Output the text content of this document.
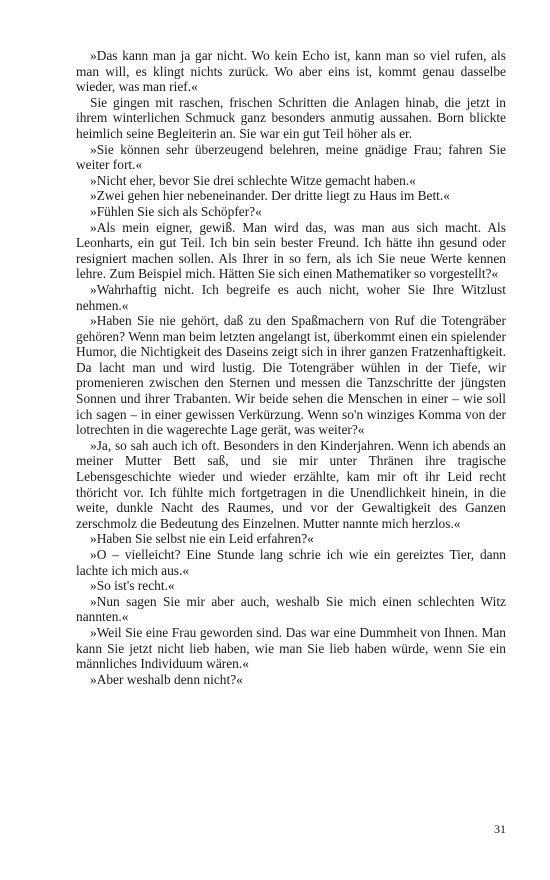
»Das kann man ja gar nicht. Wo kein Echo ist, kann man so viel rufen, als man will, es klingt nichts zurück. Wo aber eins ist, kommt genau dasselbe wieder, was man rief.«

Sie gingen mit raschen, frischen Schritten die Anlagen hinab, die jetzt in ihrem winterlichen Schmuck ganz besonders anmutig aussahen. Born blickte heimlich seine Begleiterin an. Sie war ein gut Teil höher als er.

»Sie können sehr überzeugend belehren, meine gnädige Frau; fahren Sie weiter fort.«

»Nicht eher, bevor Sie drei schlechte Witze gemacht haben.«

»Zwei gehen hier nebeneinander. Der dritte liegt zu Haus im Bett.«

»Fühlen Sie sich als Schöpfer?«

»Als mein eigner, gewiß. Man wird das, was man aus sich macht. Als Leonharts, ein gut Teil. Ich bin sein bester Freund. Ich hätte ihn gesund oder resigniert machen sollen. Als Ihrer in so fern, als ich Sie neue Werte kennen lehre. Zum Beispiel mich. Hätten Sie sich einen Mathematiker so vorgestellt?«

»Wahrhaftig nicht. Ich begreife es auch nicht, woher Sie Ihre Witzlust nehmen.«

»Haben Sie nie gehört, daß zu den Spaßmachern von Ruf die Totengräber gehören? Wenn man beim letzten angelangt ist, überkommt einen ein spielender Humor, die Nichtigkeit des Daseins zeigt sich in ihrer ganzen Fratzenhaftigkeit. Da lacht man und wird lustig. Die Totengräber wühlen in der Tiefe, wir promenieren zwischen den Sternen und messen die Tanzschritte der jüngsten Sonnen und ihrer Trabanten. Wir beide sehen die Menschen in einer – wie soll ich sagen – in einer gewissen Verkürzung. Wenn so'n winziges Komma von der lotrechten in die wagerechte Lage gerät, was weiter?«

»Ja, so sah auch ich oft. Besonders in den Kinderjahren. Wenn ich abends an meiner Mutter Bett saß, und sie mir unter Thränen ihre tragische Lebensgeschichte wieder und wieder erzählte, kam mir oft ihr Leid recht thöricht vor. Ich fühlte mich fortgetragen in die Unendlichkeit hinein, in die weite, dunkle Nacht des Raumes, und vor der Gewaltigkeit des Ganzen zerschmolz die Bedeutung des Einzelnen. Mutter nannte mich herzlos.«

»Haben Sie selbst nie ein Leid erfahren?«

»O – vielleicht? Eine Stunde lang schrie ich wie ein gereiztes Tier, dann lachte ich mich aus.«

»So ist's recht.«

»Nun sagen Sie mir aber auch, weshalb Sie mich einen schlechten Witz nannten.«

»Weil Sie eine Frau geworden sind. Das war eine Dummheit von Ihnen. Man kann Sie jetzt nicht lieb haben, wie man Sie lieb haben würde, wenn Sie ein männliches Individuum wären.«

»Aber weshalb denn nicht?«

31
